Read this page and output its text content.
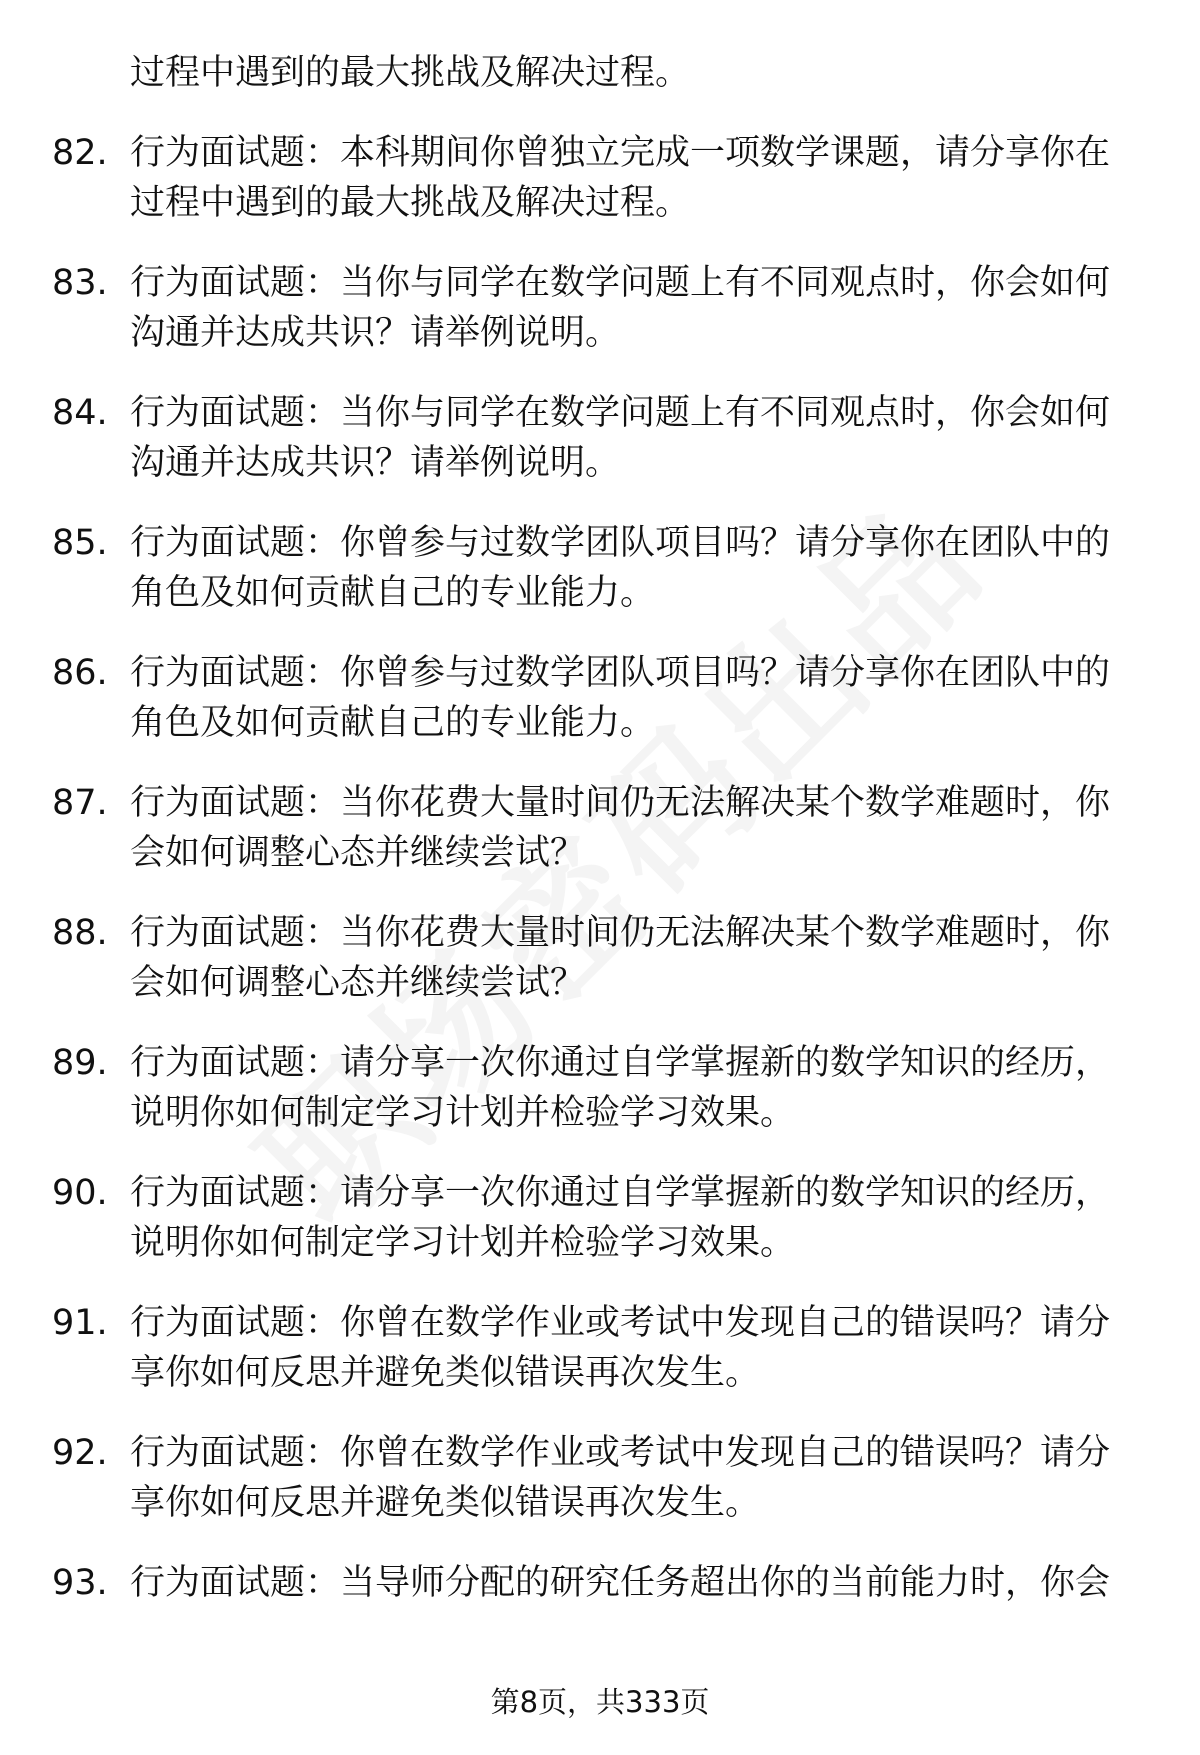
过程中遇到的最大挑战及解决过程。
82. 行为面试题：本科期间你曾独立完成一项数学课题，请分享你在过程中遇到的最大挑战及解决过程。
83. 行为面试题：当你与同学在数学问题上有不同观点时，你会如何沟通并达成共识？请举例说明。
84. 行为面试题：当你与同学在数学问题上有不同观点时，你会如何沟通并达成共识？请举例说明。
85. 行为面试题：你曾参与过数学团队项目吗？请分享你在团队中的角色及如何贡献自己的专业能力。
86. 行为面试题：你曾参与过数学团队项目吗？请分享你在团队中的角色及如何贡献自己的专业能力。
87. 行为面试题：当你花费大量时间仍无法解决某个数学难题时，你会如何调整心态并继续尝试？
88. 行为面试题：当你花费大量时间仍无法解决某个数学难题时，你会如何调整心态并继续尝试？
89. 行为面试题：请分享一次你通过自学掌握新的数学知识的经历，说明你如何制定学习计划并检验学习效果。
90. 行为面试题：请分享一次你通过自学掌握新的数学知识的经历，说明你如何制定学习计划并检验学习效果。
91. 行为面试题：你曾在数学作业或考试中发现自己的错误吗？请分享你如何反思并避免类似错误再次发生。
92. 行为面试题：你曾在数学作业或考试中发现自己的错误吗？请分享你如何反思并避免类似错误再次发生。
93. 行为面试题：当导师分配的研究任务超出你的当前能力时，你会
第8页，共333页
